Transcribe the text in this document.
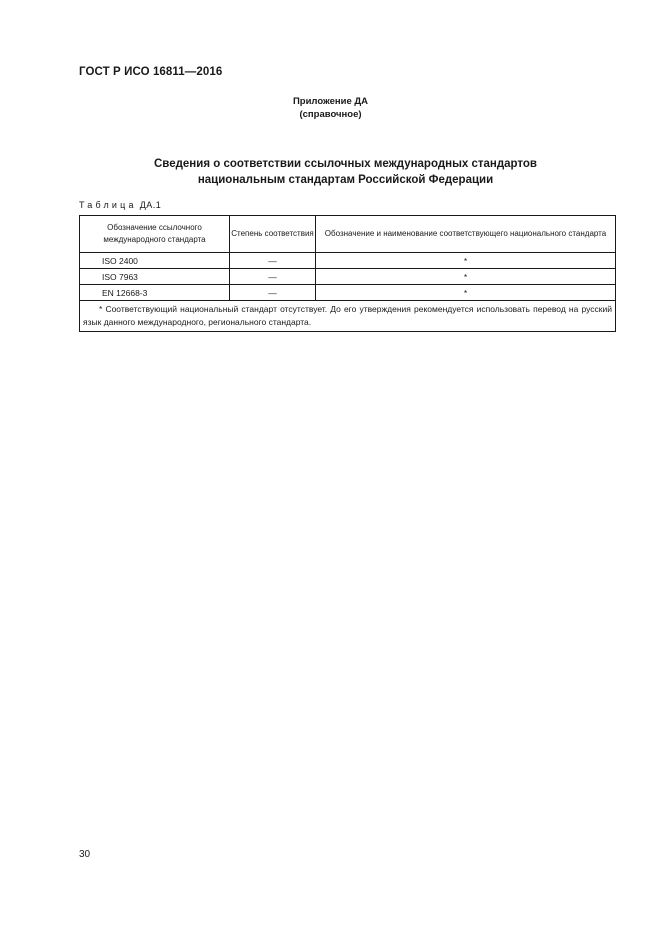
ГОСТ Р ИСО 16811—2016
Приложение ДА
(справочное)
Сведения о соответствии ссылочных международных стандартов
национальным стандартам Российской Федерации
Таблица ДА.1
Обозначение ссылочного международного стандарта	Степень соответствия	Обозначение и наименование соответствующего национального стандарта
ISO 2400	—	*
ISO 7963	—	*
EN 12668-3	—	*
* Соответствующий национальный стандарт отсутствует. До его утверждения рекомендуется использовать перевод на русский язык данного международного, регионального стандарта.		
30
